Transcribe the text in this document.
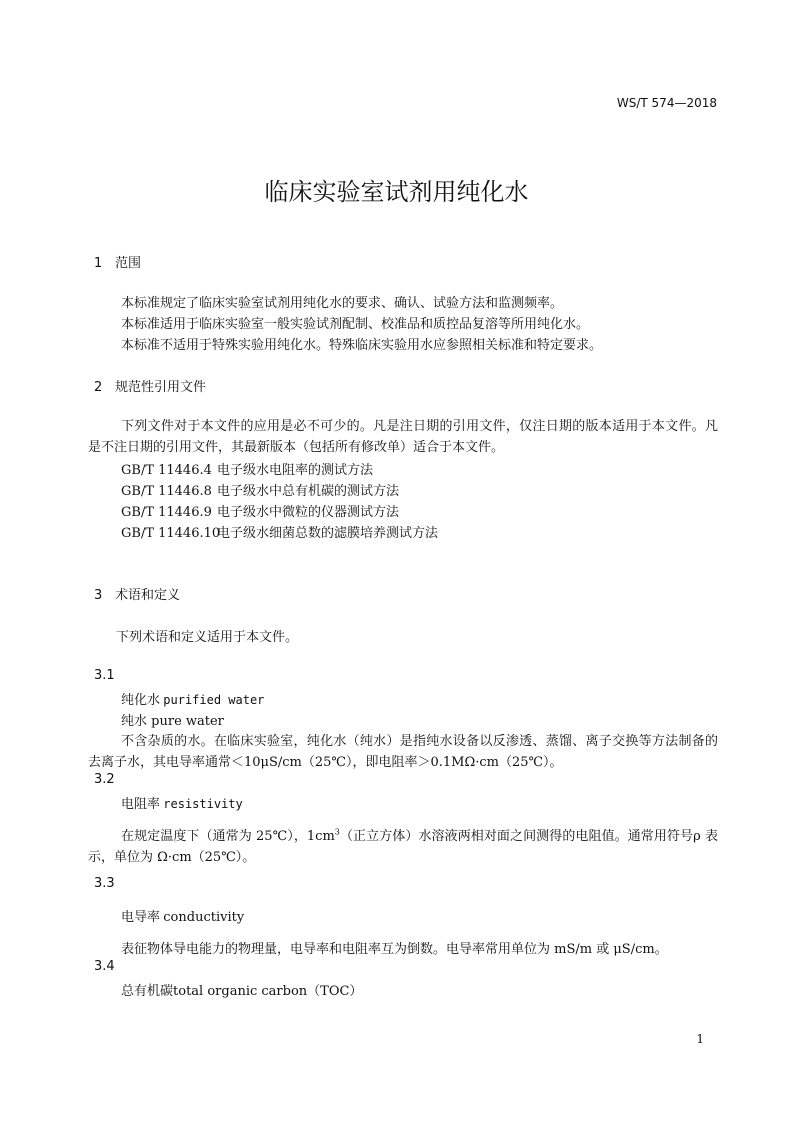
WS/T 574—2018
临床实验室试剂用纯化水
1 范围
本标准规定了临床实验室试剂用纯化水的要求、确认、试验方法和监测频率。
本标准适用于临床实验室一般实验试剂配制、校准品和质控品复溶等所用纯化水。
本标准不适用于特殊实验用纯化水。特殊临床实验用水应参照相关标准和特定要求。
2 规范性引用文件
下列文件对于本文件的应用是必不可少的。凡是注日期的引用文件，仅注日期的版本适用于本文件。凡是不注日期的引用文件，其最新版本（包括所有修改单）适合于本文件。
GB/T 11446.4 电子级水电阻率的测试方法
GB/T 11446.8 电子级水中总有机碳的测试方法
GB/T 11446.9 电子级水中微粒的仪器测试方法
GB/T 11446.10电子级水细菌总数的滤膜培养测试方法
3 术语和定义
下列术语和定义适用于本文件。
3.1
纯化水 purified water
纯水 pure water
不含杂质的水。在临床实验室，纯化水（纯水）是指纯水设备以反渗透、蒸馏、离子交换等方法制备的去离子水，其电导率通常＜10μS/cm（25℃），即电阻率＞0.1MΩ·cm（25℃）。
3.2
电阻率 resistivity
在规定温度下（通常为 25℃），$1cm^3$（正立方体）水溶液两相对面之间测得的电阻值。通常用符号ρ 表示，单位为 Ω·cm（25℃）。
3.3
电导率 conductivity
表征物体导电能力的物理量，电导率和电阻率互为倒数。电导率常用单位为 mS/m 或 μS/cm。
3.4
总有机碳total organic carbon（TOC）
1
